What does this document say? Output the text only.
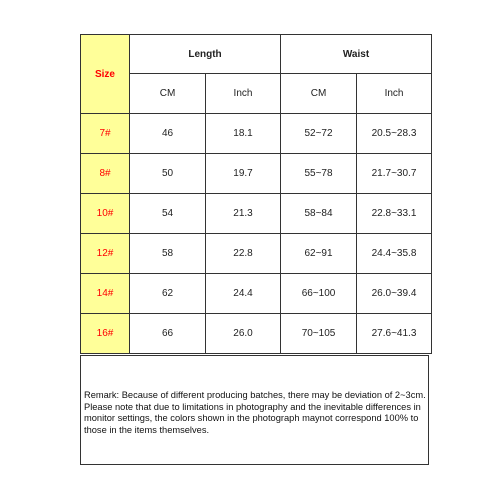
Size	Length		Waist	
	CM	Inch	CM	Inch
7#	46	18.1	52~72	20.5~28.3
8#	50	19.7	55~78	21.7~30.7
10#	54	21.3	58~84	22.8~33.1
12#	58	22.8	62~91	24.4~35.8
14#	62	24.4	66~100	26.0~39.4
16#	66	26.0	70~105	27.6~41.3

Remark: Because of different producing batches, there may be deviation of 2~3cm.

Please note that due to limitations in photography and the inevitable differences in monitor settings, the colors shown in the photograph maynot correspond 100% to those in the items themselves.
